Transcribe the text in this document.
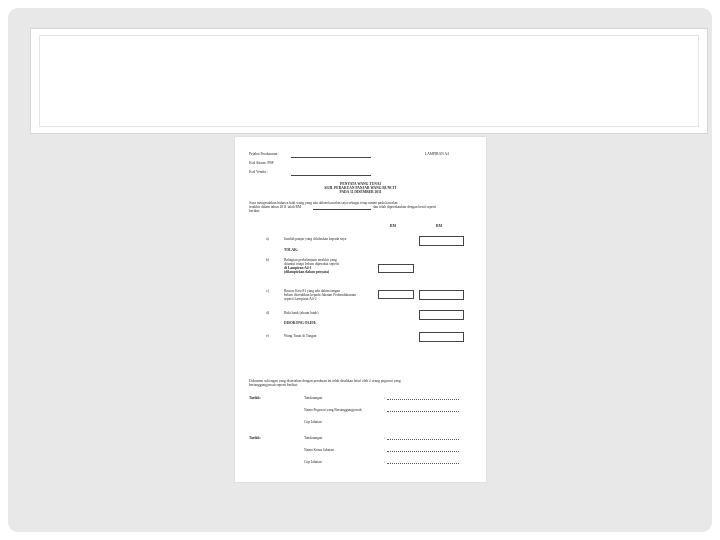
Pejabat Perakaunan :	LAMPIRAN A4
Kod Akaun: PBF
Kod Vendor :
PENYATA WANG TUNAI
SIJIL PERAKUAN PANJAR WANG RUNCIT
PADA 31 DISEMBER 2011
Saya mengesahkan bahawa baki wang yang ada dalam kawalan saya sebagai tetap taman pada kawalan
terakhir dalam tahun 2011 ialah RM	dan telah diperakaukan dengan betul seperti
berikut:
RM	RM
a)	Jumlah panjar yang diluluskan kepada saya
TOLAK:
b)	Bahagian perbelanjaan terakhir yang
dituntut tetapi belum diperakui seperti
di Lampiran A4-1
(dilampirkan dalam penyata)
c)	Baucar Kew.81 yang ada dalam tangan
belum diserahkan kepada Jabatan Perbendaharaan
seperti Lampiran A4-2
d)	Baki bank (akaun bank)
DISOKONG OLEH:
e)	Wang Tunai di Tangan
Dokumen sokongan yang disertakan dengan perakuan ini telah disahkan betul oleh 2 orang pegawai yang
bertanggungjawab seperti berikut:
Tarikh:	Tandatangan	:
Nama Pegawai yang Bertanggungjawab	:
Cop Jabatan
Tarikh:	Tandatangan	:
Nama Ketua Jabatan	:
Cop Jabatan	:
